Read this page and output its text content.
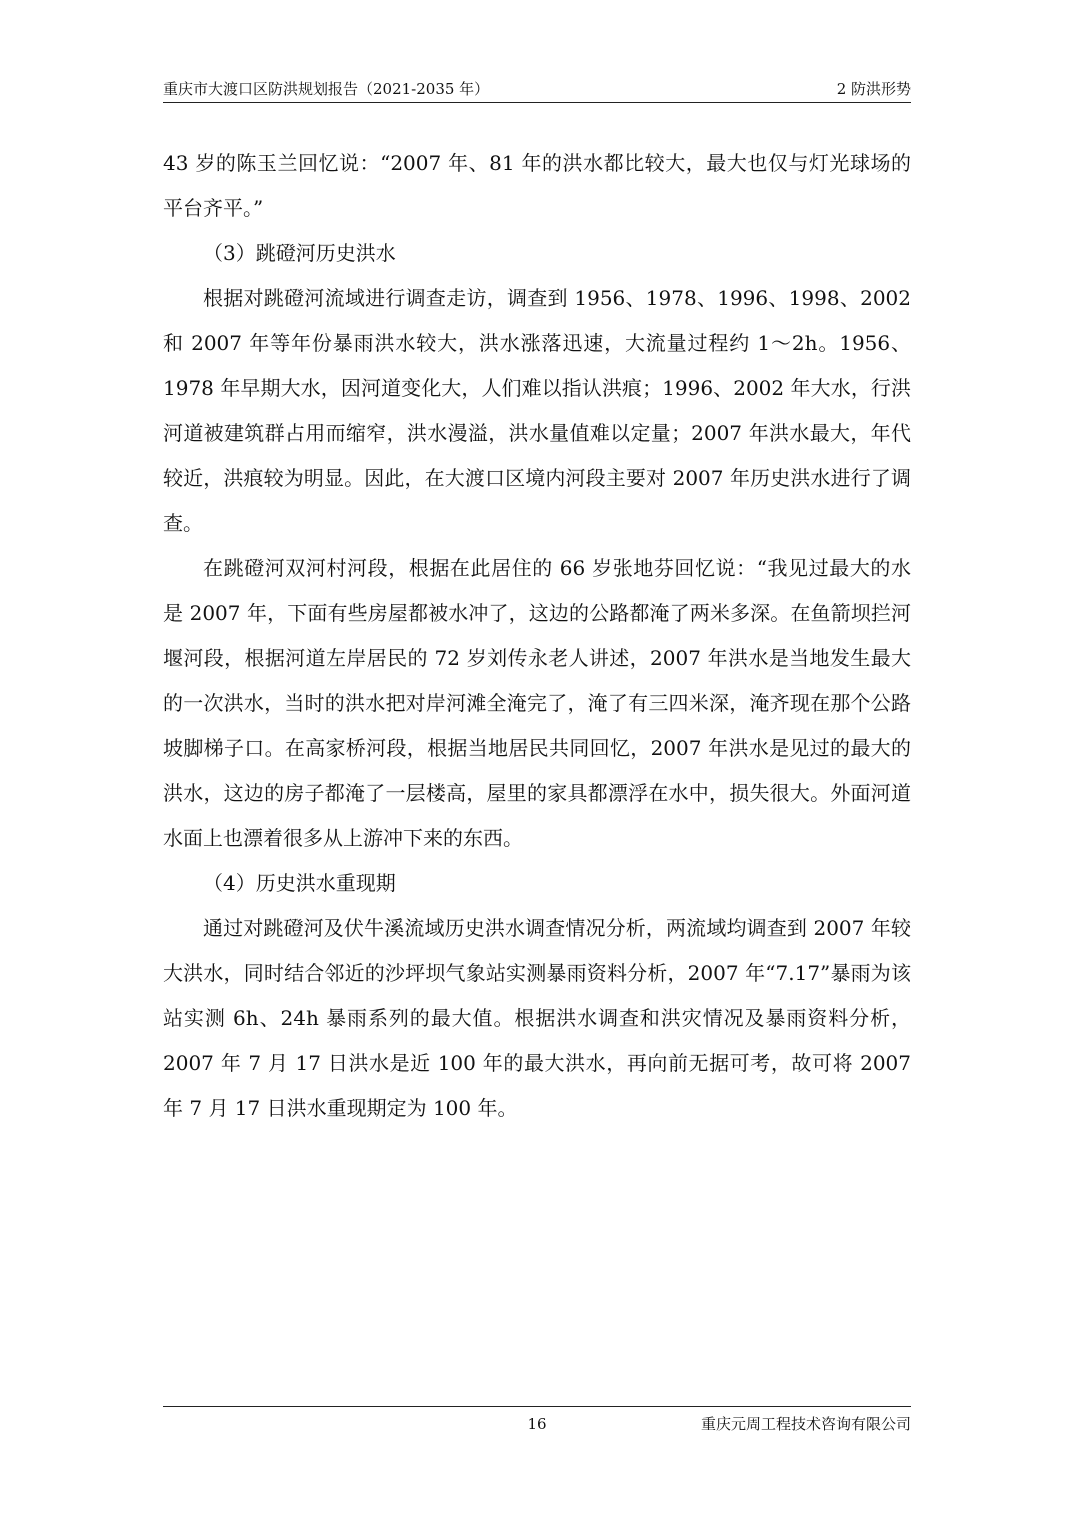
重庆市大渡口区防洪规划报告（2021-2035 年）	2 防洪形势

43 岁的陈玉兰回忆说：“2007 年、81 年的洪水都比较大，最大也仅与灯光球场的平台齐平。”

（3）跳磴河历史洪水

根据对跳磴河流域进行调查走访，调查到 1956、1978、1996、1998、2002 和 2007 年等年份暴雨洪水较大，洪水涨落迅速，大流量过程约 1～2h。1956、1978 年早期大水，因河道变化大，人们难以指认洪痕；1996、2002 年大水，行洪河道被建筑群占用而缩窄，洪水漫溢，洪水量值难以定量；2007 年洪水最大，年代较近，洪痕较为明显。因此，在大渡口区境内河段主要对 2007 年历史洪水进行了调查。

在跳磴河双河村河段，根据在此居住的 66 岁张地芬回忆说：“我见过最大的水是 2007 年，下面有些房屋都被水冲了，这边的公路都淹了两米多深。在鱼箭坝拦河堰河段，根据河道左岸居民的 72 岁刘传永老人讲述，2007 年洪水是当地发生最大的一次洪水，当时的洪水把对岸河滩全淹完了，淹了有三四米深，淹齐现在那个公路坡脚梯子口。在高家桥河段，根据当地居民共同回忆，2007 年洪水是见过的最大的洪水，这边的房子都淹了一层楼高，屋里的家具都漂浮在水中，损失很大。外面河道水面上也漂着很多从上游冲下来的东西。

（4）历史洪水重现期

通过对跳磴河及伏牛溪流域历史洪水调查情况分析，两流域均调查到 2007 年较大洪水，同时结合邻近的沙坪坝气象站实测暴雨资料分析，2007 年“7.17”暴雨为该站实测 6h、24h 暴雨系列的最大值。根据洪水调查和洪灾情况及暴雨资料分析，2007 年 7 月 17 日洪水是近 100 年的最大洪水，再向前无据可考，故可将 2007 年 7 月 17 日洪水重现期定为 100 年。

16	重庆元周工程技术咨询有限公司
